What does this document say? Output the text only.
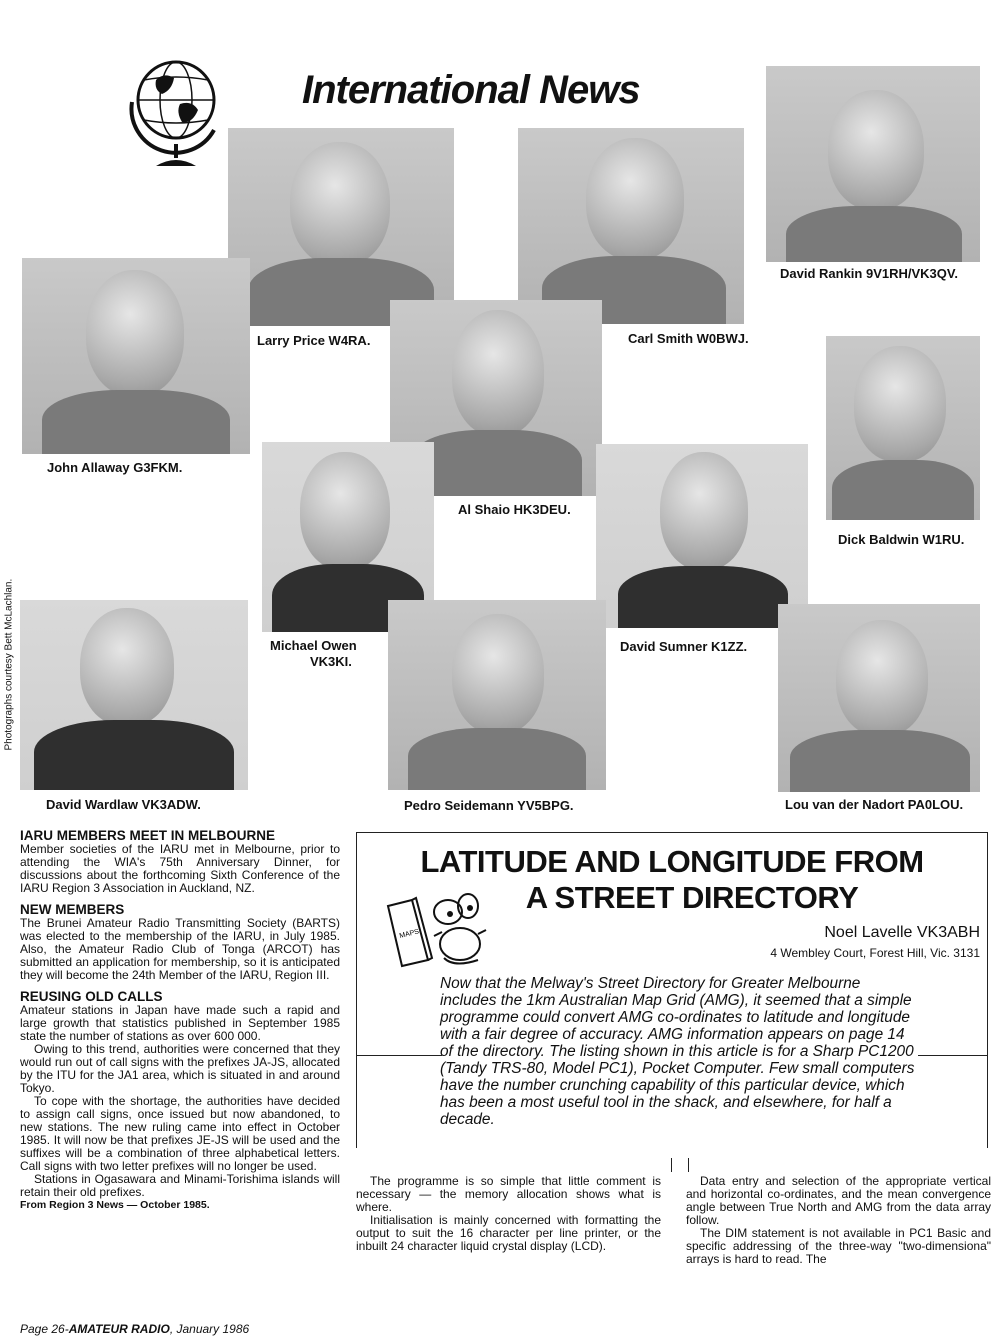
International News
Larry Price W4RA.	Carl Smith W0BWJ.
David Rankin 9V1RH/VK3QV.
John Allaway G3FKM.
Al Shaio HK3DEU.
Dick Baldwin W1RU.
Michael Owen
VK3KI.
David Sumner K1ZZ.
David Wardlaw VK3ADW.	Pedro Seidemann YV5BPG.	Lou van der Nadort PA0LOU.
Photographs courtesy Bett McLachlan.
IARU MEMBERS MEET IN MELBOURNE
Member societies of the IARU met in Melbourne, prior to attending the WIA's 75th Anniversary Dinner, for discussions about the forthcoming Sixth Conference of the IARU Region 3 Association in Auckland, NZ.
NEW MEMBERS
The Brunei Amateur Radio Transmitting Society (BARTS) was elected to the membership of the IARU, in July 1985. Also, the Amateur Radio Club of Tonga (ARCOT) has submitted an application for membership, so it is anticipated they will become the 24th Member of the IARU, Region III.
REUSING OLD CALLS
Amateur stations in Japan have made such a rapid and large growth that statistics published in September 1985 state the number of stations as over 600 000.
Owing to this trend, authorities were concerned that they would run out of call signs with the prefixes JA-JS, allocated by the ITU for the JA1 area, which is situated in and around Tokyo.
To cope with the shortage, the authorities have decided to assign call signs, once issued but now abandoned, to new stations. The new ruling came into effect in October 1985. It will now be that prefixes JE-JS will be used and the suffixes will be a combination of three alphabetical letters. Call signs with two letter prefixes will no longer be used.
Stations in Ogasawara and Minami-Torishima islands will retain their old prefixes.
From Region 3 News — October 1985.
LATITUDE AND LONGITUDE FROM
A STREET DIRECTORY
MAPS	Noel Lavelle VK3ABH
4 Wembley Court, Forest Hill, Vic. 3131
Now that the Melway's Street Directory for Greater Melbourne includes the 1km Australian Map Grid (AMG), it seemed that a simple programme could convert AMG co-ordinates to latitude and longitude with a fair degree of accuracy. AMG information appears on page 14 of the directory. The listing shown in this article is for a Sharp PC1200 (Tandy TRS-80, Model PC1), Pocket Computer. Few small computers have the number crunching capability of this particular device, which has been a most useful tool in the shack, and elsewhere, for half a decade.
The programme is so simple that little comment is necessary — the memory allocation shows what is where.
Initialisation is mainly concerned with formatting the output to suit the 16 character per line printer, or the inbuilt 24 character liquid crystal display (LCD).
Data entry and selection of the appropriate vertical and horizontal co-ordinates, and the mean convergence angle between True North and AMG from the data array follow.
The DIM statement is not available in PC1 Basic and specific addressing of the three-way "two-dimensiona" arrays is hard to read. The
Page 26-AMATEUR RADIO, January 1986
